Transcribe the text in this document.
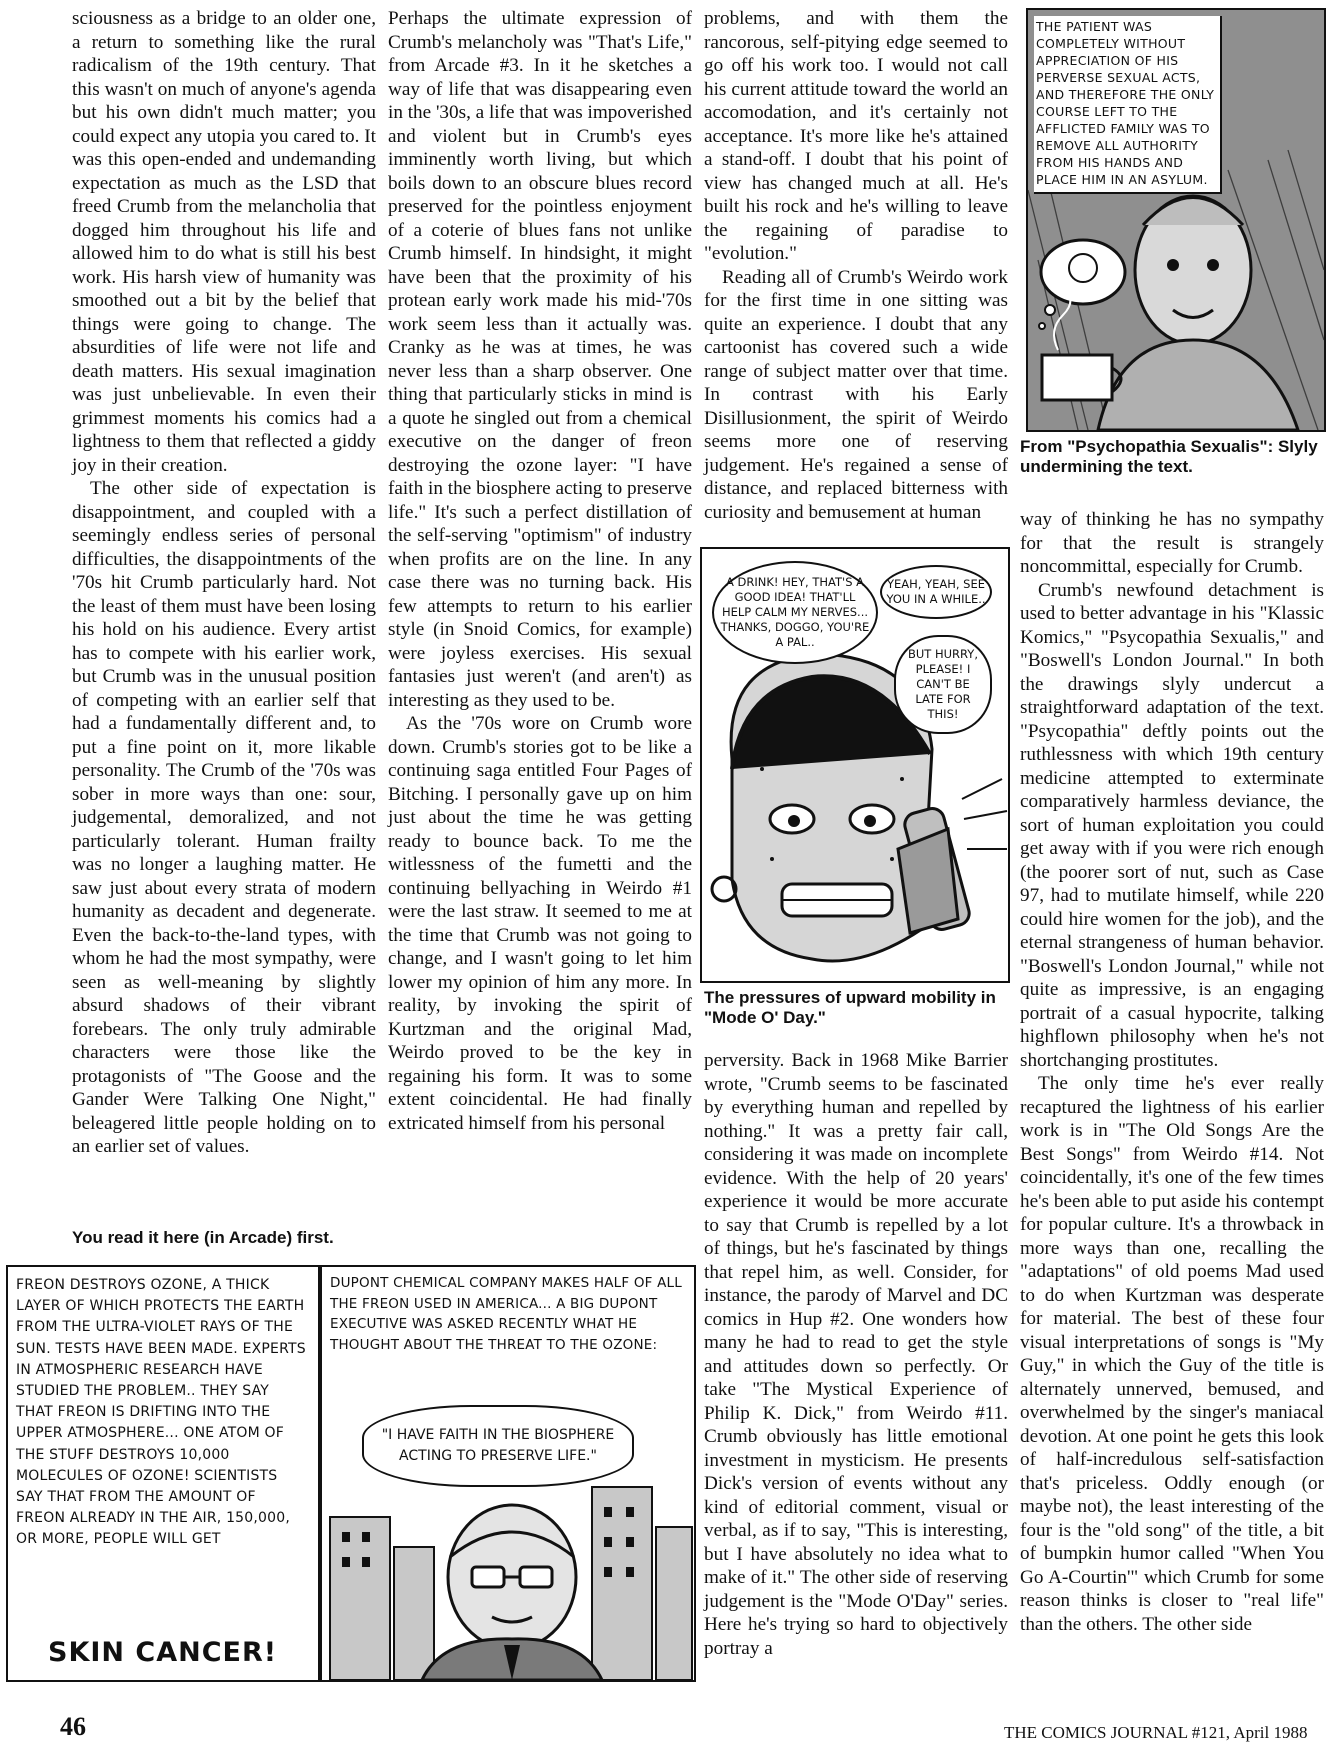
sciousness as a bridge to an older one, a return to something like the rural radicalism of the 19th century. That this wasn't on much of anyone's agenda but his own didn't much matter; you could expect any utopia you cared to. It was this open-ended and undemanding expectation as much as the LSD that freed Crumb from the melancholia that dogged him throughout his life and allowed him to do what is still his best work. His harsh view of humanity was smoothed out a bit by the belief that things were going to change. The absurdities of life were not life and death matters. His sexual imagination was just unbelievable. In even their grimmest moments his comics had a lightness to them that reflected a giddy joy in their creation.

The other side of expectation is disappointment, and coupled with a seemingly endless series of personal difficulties, the disappointments of the '70s hit Crumb particularly hard. Not the least of them must have been losing his hold on his audience. Every artist has to compete with his earlier work, but Crumb was in the unusual position of competing with an earlier self that had a fundamentally different and, to put a fine point on it, more likable personality. The Crumb of the '70s was sober in more ways than one: sour, judgemental, demoralized, and not particularly tolerant. Human frailty was no longer a laughing matter. He saw just about every strata of modern humanity as decadent and degenerate. Even the back-to-the-land types, with whom he had the most sympathy, were seen as well-meaning by slightly absurd shadows of their vibrant forebears. The only truly admirable characters were those like the protagonists of "The Goose and the Gander Were Talking One Night," beleagered little people holding on to an earlier set of values.

Perhaps the ultimate expression of Crumb's melancholy was "That's Life," from Arcade #3. In it he sketches a way of life that was disappearing even in the '30s, a life that was impoverished and violent but in Crumb's eyes imminently worth living, but which boils down to an obscure blues record preserved for the pointless enjoyment of a coterie of blues fans not unlike Crumb himself. In hindsight, it might have been that the proximity of his protean early work made his mid-'70s work seem less than it actually was. Cranky as he was at times, he was never less than a sharp observer. One thing that particularly sticks in mind is a quote he singled out from a chemical executive on the danger of freon destroying the ozone layer: "I have faith in the biosphere acting to preserve life." It's such a perfect distillation of the self-serving "optimism" of industry when profits are on the line. In any case there was no turning back. His few attempts to return to his earlier style (in Snoid Comics, for example) were joyless exercises. His sexual fantasies just weren't (and aren't) as interesting as they used to be.

As the '70s wore on Crumb wore down. Crumb's stories got to be like a continuing saga entitled Four Pages of Bitching. I personally gave up on him just about the time he was getting ready to bounce back. To me the witlessness of the fumetti and the continuing bellyaching in Weirdo #1 were the last straw. It seemed to me at the time that Crumb was not going to change, and I wasn't going to let him lower my opinion of him any more. In reality, by invoking the spirit of Kurtzman and the original Mad, Weirdo proved to be the key in regaining his form. It was to some extent coincidental. He had finally extricated himself from his personal

problems, and with them the rancorous, self-pitying edge seemed to go off his work too. I would not call his current attitude toward the world an accomodation, and it's certainly not acceptance. It's more like he's attained a stand-off. I doubt that his point of view has changed much at all. He's built his rock and he's willing to leave the regaining of paradise to "evolution."

Reading all of Crumb's Weirdo work for the first time in one sitting was quite an experience. I doubt that any cartoonist has covered such a wide range of subject matter over that time. In contrast with his Early Disillusionment, the spirit of Weirdo seems more one of reserving judgement. He's regained a sense of distance, and replaced bitterness with curiosity and bemusement at human

perversity. Back in 1968 Mike Barrier wrote, "Crumb seems to be fascinated by everything human and repelled by nothing." It was a pretty fair call, considering it was made on incomplete evidence. With the help of 20 years' experience it would be more accurate to say that Crumb is repelled by a lot of things, but he's fascinated by things that repel him, as well. Consider, for instance, the parody of Marvel and DC comics in Hup #2. One wonders how many he had to read to get the style and attitudes down so perfectly. Or take "The Mystical Experience of Philip K. Dick," from Weirdo #11. Crumb obviously has little emotional investment in mysticism. He presents Dick's version of events without any kind of editorial comment, visual or verbal, as if to say, "This is interesting, but I have absolutely no idea what to make of it." The other side of reserving judgement is the "Mode O'Day" series. Here he's trying so hard to objectively portray a

way of thinking he has no sympathy for that the result is strangely noncommittal, especially for Crumb.

Crumb's newfound detachment is used to better advantage in his "Klassic Komics," "Psycopathia Sexualis," and "Boswell's London Journal." In both the drawings slyly undercut a straightforward adaptation of the text. "Psycopathia" deftly points out the ruthlessness with which 19th century medicine attempted to exterminate comparatively harmless deviance, the sort of human exploitation you could get away with if you were rich enough (the poorer sort of nut, such as Case 97, had to mutilate himself, while 220 could hire women for the job), and the eternal strangeness of human behavior. "Boswell's London Journal," while not quite as impressive, is an engaging portrait of a casual hypocrite, talking highflown philosophy when he's not shortchanging prostitutes.

The only time he's ever really recaptured the lightness of his earlier work is in "The Old Songs Are the Best Songs" from Weirdo #14. Not coincidentally, it's one of the few times he's been able to put aside his contempt for popular culture. It's a throwback in more ways than one, recalling the "adaptations" of old poems Mad used to do when Kurtzman was desperate for material. The best of these four visual interpretations of songs is "My Guy," in which the Guy of the title is alternately unnerved, bemused, and overwhelmed by the singer's maniacal devotion. At one point he gets this look of half-incredulous self-satisfaction that's priceless. Oddly enough (or maybe not), the least interesting of the four is the "old song" of the title, a bit of bumpkin humor called "When You Go A-Courtin'" which Crumb for some reason thinks is closer to "real life" than the others. The other side

THE PATIENT WAS COMPLETELY WITHOUT APPRECIATION OF HIS PERVERSE SEXUAL ACTS, AND THEREFORE THE ONLY COURSE LEFT TO THE AFFLICTED FAMILY WAS TO REMOVE ALL AUTHORITY FROM HIS HANDS AND PLACE HIM IN AN ASYLUM.
From "Psychopathia Sexualis": Slyly undermining the text.
A DRINK! HEY, THAT'S A GOOD IDEA! THAT'LL HELP CALM MY NERVES... THANKS, DOGGO, YOU'RE A PAL..
YEAH, YEAH, SEE YOU IN A WHILE..
BUT HURRY, PLEASE! I CAN'T BE LATE FOR THIS!
The pressures of upward mobility in "Mode O' Day."
You read it here (in Arcade) first.
FREON DESTROYS OZONE, A THICK LAYER OF WHICH PROTECTS THE EARTH FROM THE ULTRA-VIOLET RAYS OF THE SUN. TESTS HAVE BEEN MADE. EXPERTS IN ATMOSPHERIC RESEARCH HAVE STUDIED THE PROBLEM.. THEY SAY THAT FREON IS DRIFTING INTO THE UPPER ATMOSPHERE... ONE ATOM OF THE STUFF DESTROYS 10,000 MOLECULES OF OZONE! SCIENTISTS SAY THAT FROM THE AMOUNT OF FREON ALREADY IN THE AIR, 150,000, OR MORE, PEOPLE WILL GET
SKIN CANCER!
DUPONT CHEMICAL COMPANY MAKES HALF OF ALL THE FREON USED IN AMERICA... A BIG DUPONT EXECUTIVE WAS ASKED RECENTLY WHAT HE THOUGHT ABOUT THE THREAT TO THE OZONE:
"I HAVE FAITH IN THE BIOSPHERE ACTING TO PRESERVE LIFE."
46	THE COMICS JOURNAL #121, April 1988
